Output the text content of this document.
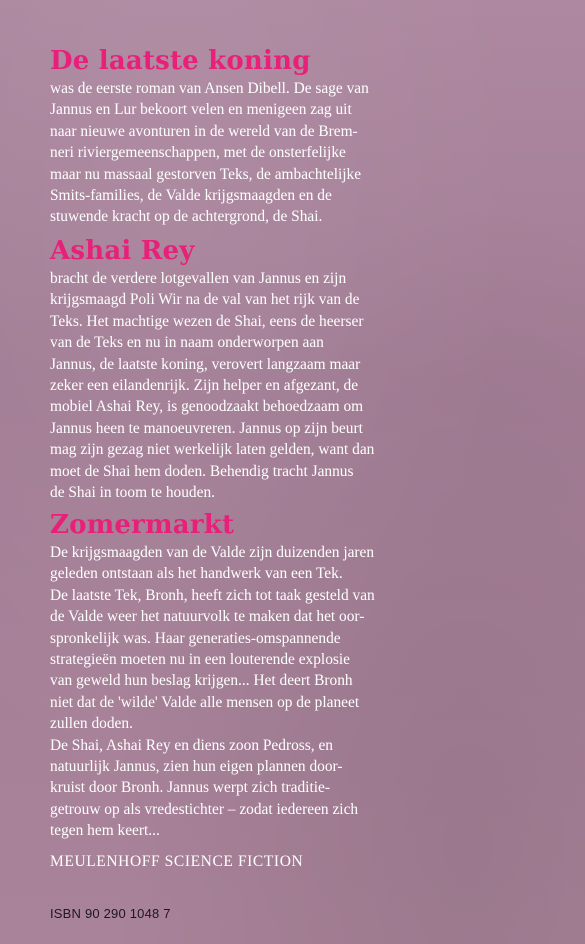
De laatste koning
was de eerste roman van Ansen Dibell. De sage van
Jannus en Lur bekoort velen en menigeen zag uit
naar nieuwe avonturen in de wereld van de Brem-
neri riviergemeenschappen, met de onsterfelijke
maar nu massaal gestorven Teks, de ambachtelijke
Smits-families, de Valde krijgsmaagden en de
stuwende kracht op de achtergrond, de Shai.
Ashai Rey
bracht de verdere lotgevallen van Jannus en zijn
krijgsmaagd Poli Wir na de val van het rijk van de
Teks. Het machtige wezen de Shai, eens de heerser
van de Teks en nu in naam onderworpen aan
Jannus, de laatste koning, verovert langzaam maar
zeker een eilandenrijk. Zijn helper en afgezant, de
mobiel Ashai Rey, is genoodzaakt behoedzaam om
Jannus heen te manoeuvreren. Jannus op zijn beurt
mag zijn gezag niet werkelijk laten gelden, want dan
moet de Shai hem doden. Behendig tracht Jannus
de Shai in toom te houden.
Zomermarkt
De krijgsmaagden van de Valde zijn duizenden jaren
geleden ontstaan als het handwerk van een Tek.
De laatste Tek, Bronh, heeft zich tot taak gesteld van
de Valde weer het natuurvolk te maken dat het oor-
spronkelijk was. Haar generaties-omspannende
strategieën moeten nu in een louterende explosie
van geweld hun beslag krijgen... Het deert Bronh
niet dat de 'wilde' Valde alle mensen op de planeet
zullen doden.
De Shai, Ashai Rey en diens zoon Pedross, en
natuurlijk Jannus, zien hun eigen plannen door-
kruist door Bronh. Jannus werpt zich traditie-
getrouw op als vredestichter – zodat iedereen zich
tegen hem keert...
MEULENHOFF SCIENCE FICTION
ISBN 90 290 1048 7
